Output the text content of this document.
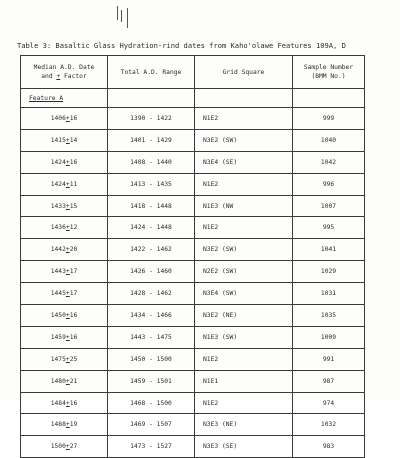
Table 3: Basaltic Glass Hydration-rind dates from Kaho'olawe Features 109A, D
Median A.D. Date
and + Factor	Total A.D. Range	Grid Square	Sample Number
(BMM No.)
Feature A			
1406+16	1390 - 1422	N1E2	999
1415+14	1401 - 1429	N3E2 (SW)	1040
1424+16	1408 - 1440	N3E4 (SE)	1042
1424+11	1413 - 1435	N1E2	996
1433+15	1418 - 1448	N1E3 (NW	1007
1436+12	1424 - 1448	N1E2	995
1442+20	1422 - 1462	N3E2 (SW)	1041
1443+17	1426 - 1460	N2E2 (SW)	1029
1445+17	1428 - 1462	N3E4 (SW)	1031
1450+16	1434 - 1466	N3E2 (NE)	1035
1459+16	1443 - 1475	N1E3 (SW)	1009
1475+25	1450 - 1500	N1E2	991
1480+21	1459 - 1501	N1E1	987
1484+16	1468 - 1500	N1E2	974
1488+19	1469 - 1507	N3E3 (NE)	1032
1500+27	1473 - 1527	N3E3 (SE)	983
